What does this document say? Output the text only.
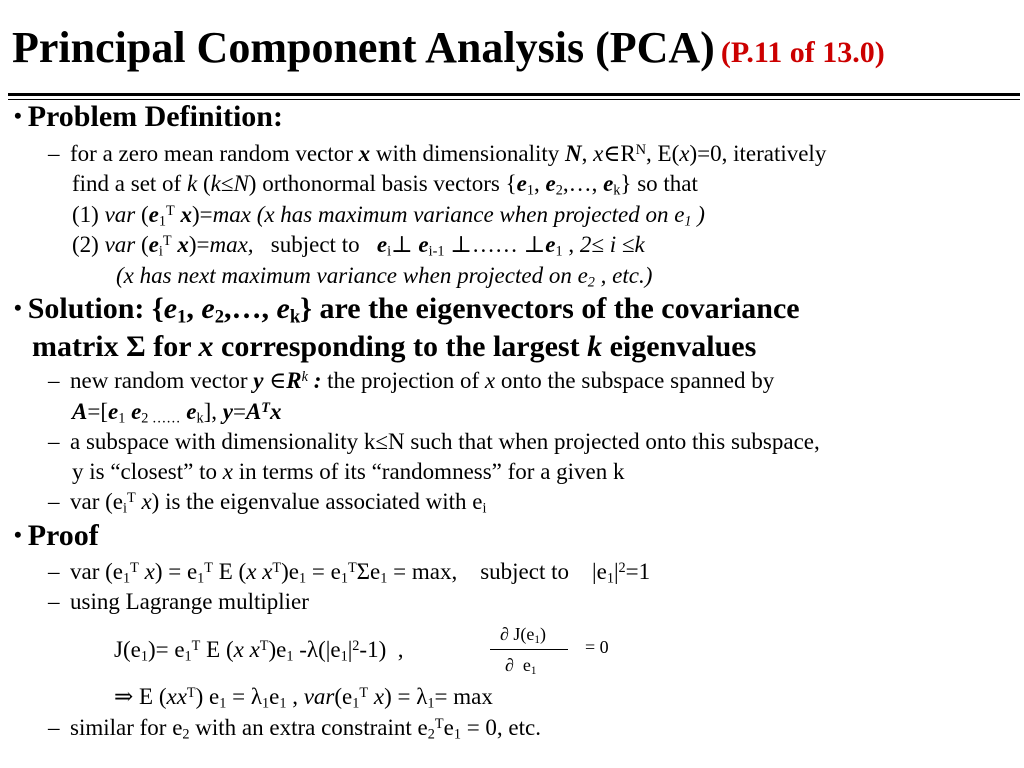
Principal Component Analysis (PCA) (P.11 of 13.0)
• Problem Definition:
– for a zero mean random vector x with dimensionality N, $x\in R^N$, E(x)=0, iteratively
find a set of k (k≤N) orthonormal basis vectors {$e_1$, $e_2,\dots$, $e_k$} so that
(1) var ($e_1^T$ x)=max (x has maximum variance when projected on $e_1$ )
(2) var ($e_i^T$ x)=max,   subject to   $e_i\perp$ $e_{i-1}$ ⊥…… $\perp e_1$ , 2≤ i ≤k
(x has next maximum variance when projected on $e_2$ , etc.)
• Solution: {$e_1$, $e_2,\dots$, $e_k$} are the eigenvectors of the covariance
matrix Σ for x corresponding to the largest k eigenvalues
– new random vector y $\in R^k$ : the projection of x onto the subspace spanned by
$A=[e_1$ $e_{2 \dots\dots}$ $e_k$], $y=A^Tx$
– a subspace with dimensionality k≤N such that when projected onto this subspace,
y is “closest” to x in terms of its “randomness” for a given k
– var ($e_i^T$ x) is the eigenvalue associated with $e_i$
• Proof
– var ($e_1^T$ $x) = e_1^T$ E (x $x^T)e_1 = e_1^T\Sigma e_1 = \max$,    subject to    $|e_1|^2=1$
– using Lagrange multiplier
$J(e_1)= e_1^T$ E (x $x^T)e_1$ $-\lambda(|e_1|^2-1)$  ,
∂ $J(e_1)$
∂  $e_1$
= 0
⇒ E $(xx^T) e_1 = \lambda_1e_1$ , $var(e_1^T$ $x) = \lambda_1= \max$
– similar for $e_2$ with an extra constraint $e_2^Te_1 = 0$, etc.
